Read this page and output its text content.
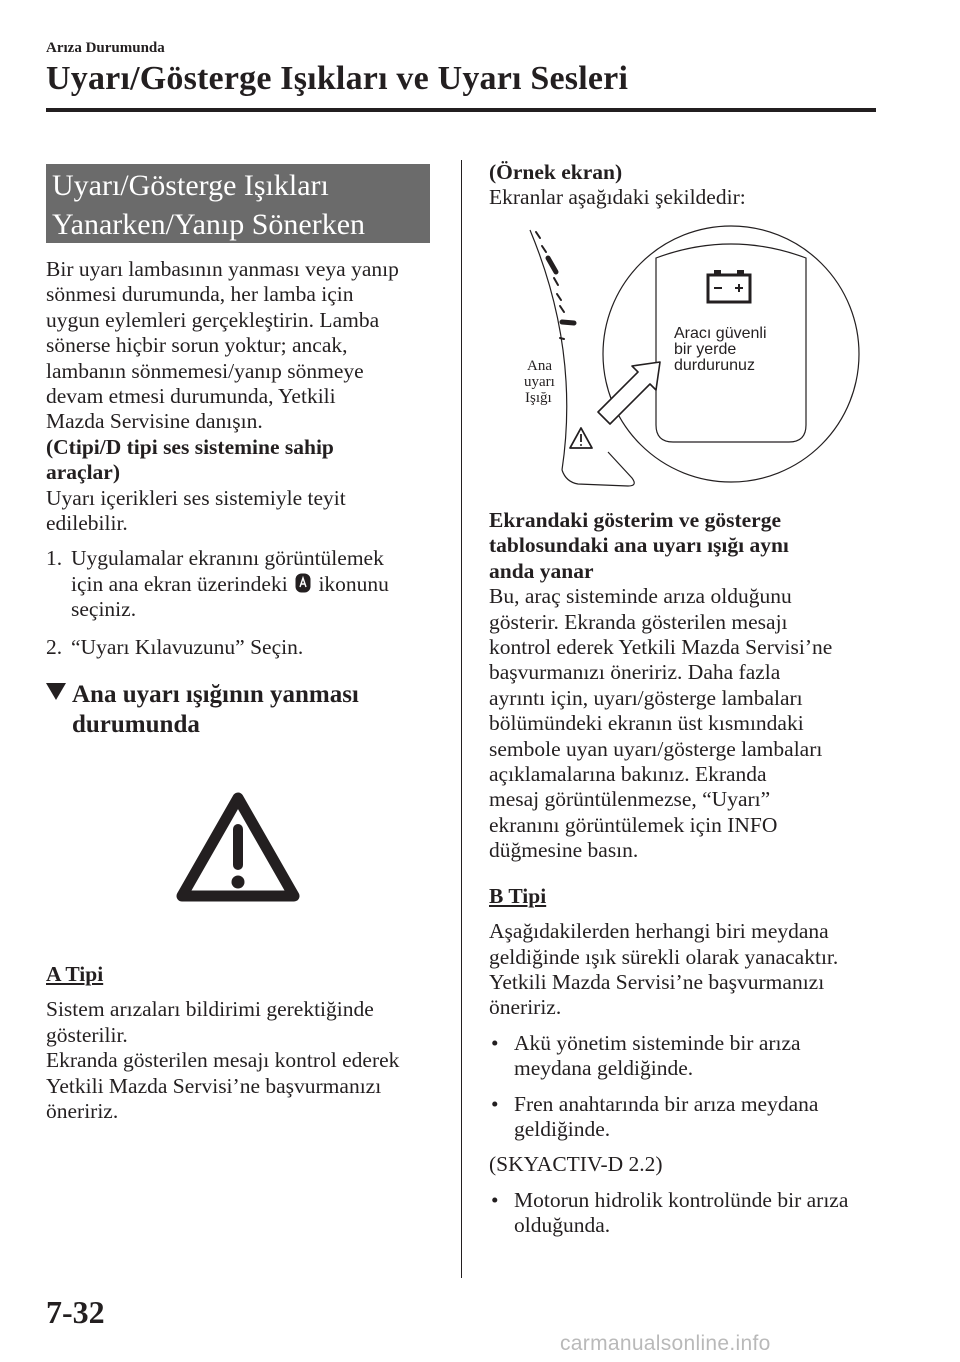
Arıza Durumunda
Uyarı/Gösterge Işıkları ve Uyarı Sesleri
Uyarı/Gösterge Işıkları
Yanarken/Yanıp Sönerken

Bir uyarı lambasının yanması veya yanıp

sönmesi durumunda, her lamba için

uygun eylemleri gerçekleştirin. Lamba

sönerse hiçbir sorun yoktur; ancak,

lambanın sönmemesi/yanıp sönmeye

devam etmesi durumunda, Yetkili

Mazda Servisine danışın.

(Ctipi/D tipi ses sistemine sahip

araçlar)

Uyarı içerikleri ses sistemiyle teyit

edilebilir.

1. Uygulamalar ekranını görüntülemek

için ana ekran üzerindeki ikonunu

seçiniz.

2. “Uyarı Kılavuzunu” Seçin.

Ana uyarı ışığının yanması
durumunda

A Tipi

Sistem arızaları bildirimi gerektiğinde

gösterilir.

Ekranda gösterilen mesajı kontrol ederek

Yetkili Mazda Servisi’ne başvurmanızı

öneririz.

(Örnek ekran)

Ekranlar aşağıdaki şekildedir:

Aracı güvenli
bir yerde
durdurunuz
Ana
uyarı
Işığı

Ekrandaki gösterim ve gösterge

tablosundaki ana uyarı ışığı aynı

anda yanar

Bu, araç sisteminde arıza olduğunu

gösterir. Ekranda gösterilen mesajı

kontrol ederek Yetkili Mazda Servisi’ne

başvurmanızı öneririz. Daha fazla

ayrıntı için, uyarı/gösterge lambaları

bölümündeki ekranın üst kısmındaki

sembole uyan uyarı/gösterge lambaları

açıklamalarına bakınız. Ekranda

mesaj görüntülenmezse, “Uyarı”

ekranını görüntülemek için INFO

düğmesine basın.

B Tipi

Aşağıdakilerden herhangi biri meydana

geldiğinde ışık sürekli olarak yanacaktır.

Yetkili Mazda Servisi’ne başvurmanızı

öneririz.

• Akü yönetim sisteminde bir arıza

meydana geldiğinde.

• Fren anahtarında bir arıza meydana

geldiğinde.

(SKYACTIV-D 2.2)

• Motorun hidrolik kontrolünde bir arıza

olduğunda.

7-32
carmanualsonline.info
